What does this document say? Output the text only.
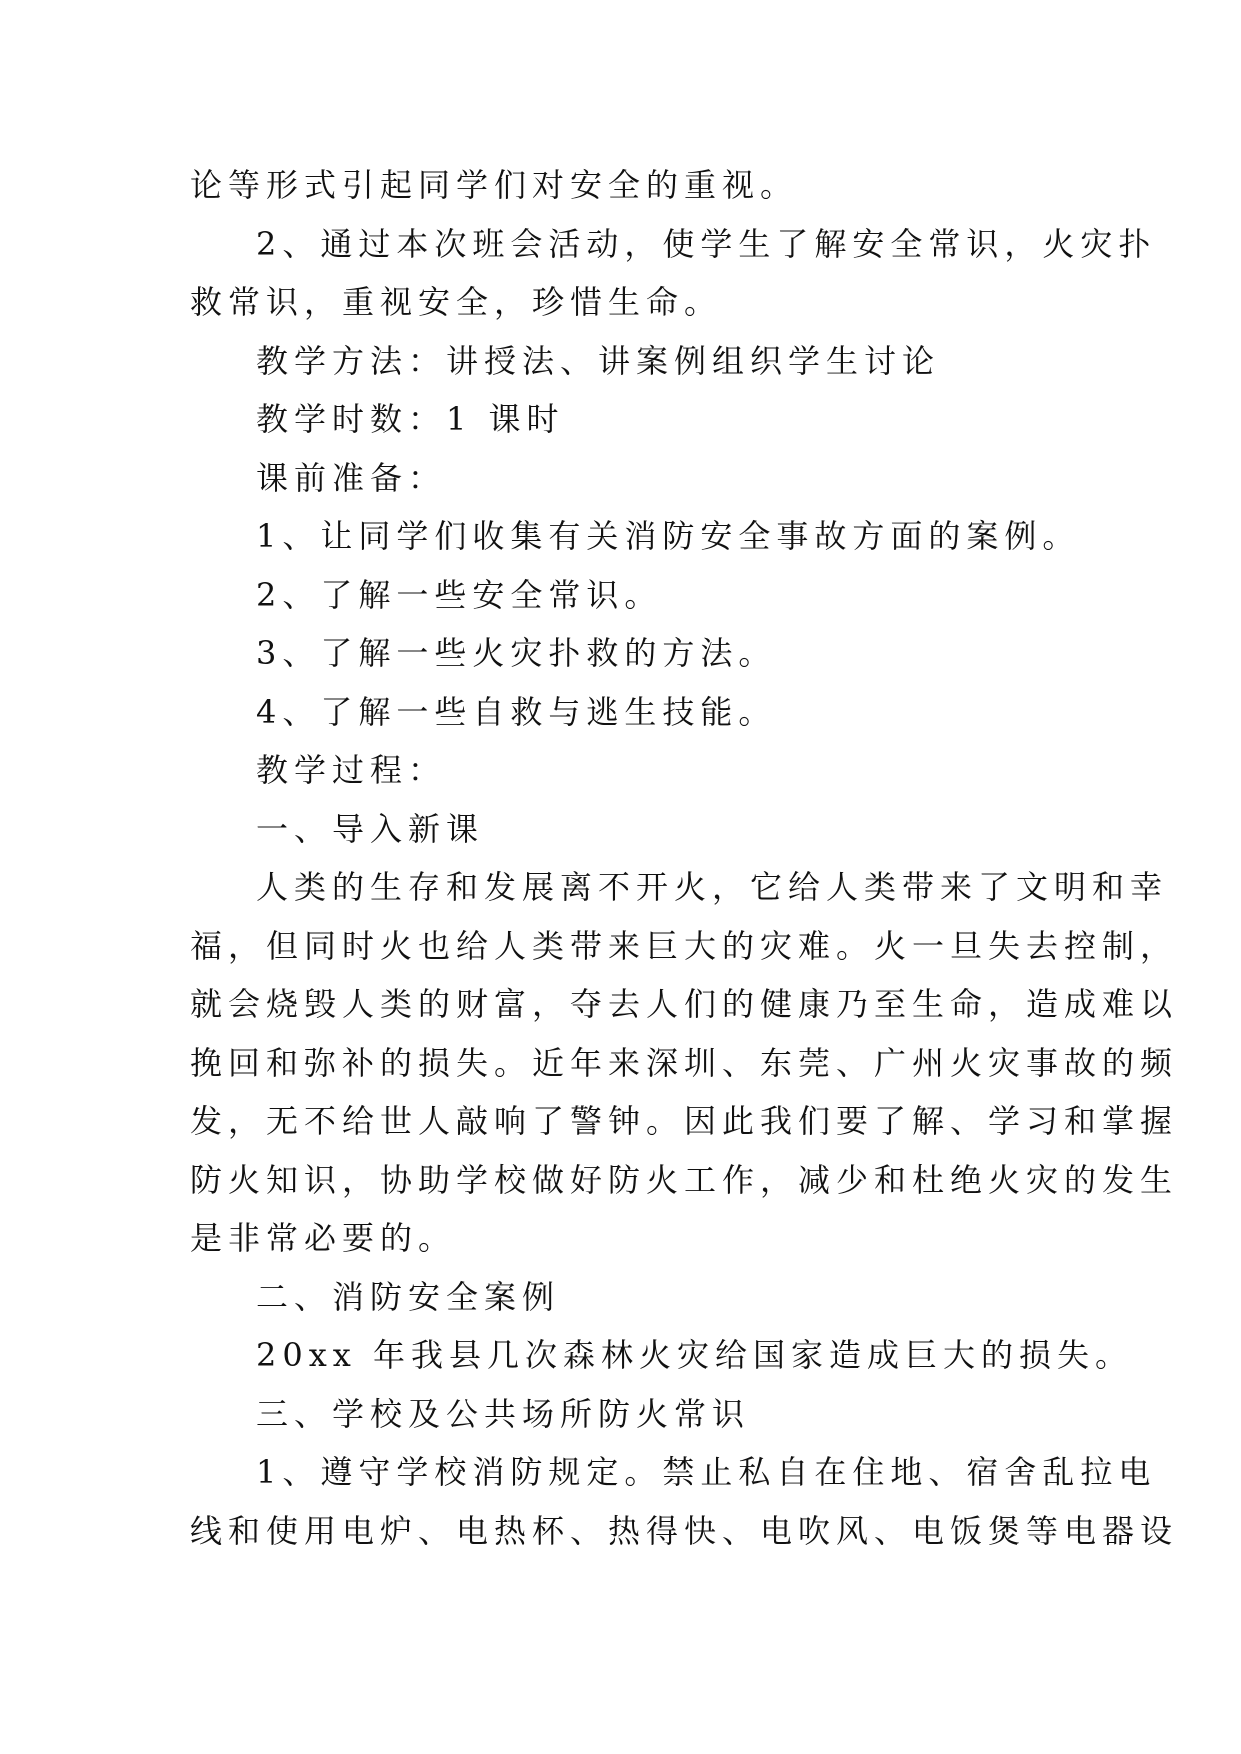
论等形式引起同学们对安全的重视。

2、通过本次班会活动，使学生了解安全常识，火灾扑

救常识，重视安全，珍惜生命。

教学方法：讲授法、讲案例组织学生讨论

教学时数：1 课时

课前准备：

1、让同学们收集有关消防安全事故方面的案例。

2、了解一些安全常识。

3、了解一些火灾扑救的方法。

4、了解一些自救与逃生技能。

教学过程：

一、导入新课

人类的生存和发展离不开火，它给人类带来了文明和幸

福，但同时火也给人类带来巨大的灾难。火一旦失去控制，

就会烧毁人类的财富，夺去人们的健康乃至生命，造成难以

挽回和弥补的损失。近年来深圳、东莞、广州火灾事故的频

发，无不给世人敲响了警钟。因此我们要了解、学习和掌握

防火知识，协助学校做好防火工作，减少和杜绝火灾的发生

是非常必要的。

二、消防安全案例

20xx 年我县几次森林火灾给国家造成巨大的损失。

三、学校及公共场所防火常识

1、遵守学校消防规定。禁止私自在住地、宿舍乱拉电

线和使用电炉、电热杯、热得快、电吹风、电饭煲等电器设
